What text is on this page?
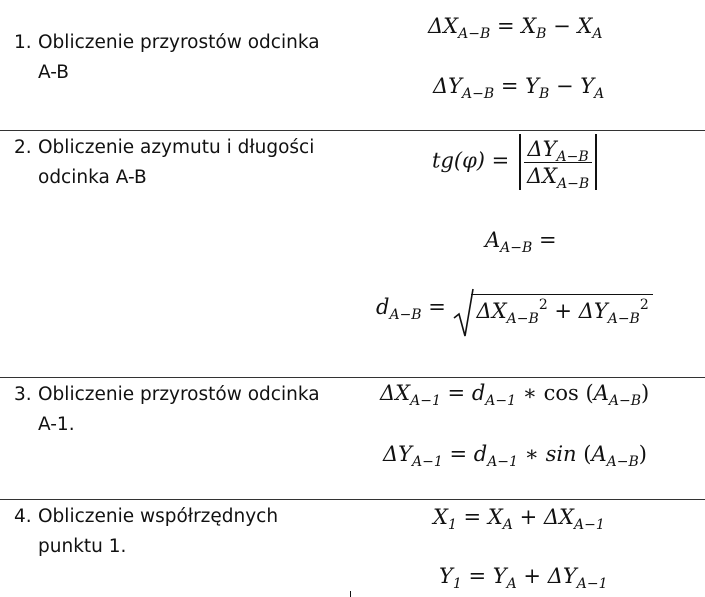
1. Obliczenie przyrostów odcinka
A-B
$\Delta X_{A-B} = X_B - X_A$
$\Delta Y_{A-B} = Y_B - Y_A$
2. Obliczenie azymutu i długości
odcinka A-B
$tg(\varphi) = \frac{\Delta Y_{A-B}}{\Delta X_{A-B}}$
$A_{A-B}$ =
$d_{A-B}$ =
$\Delta X_{A-B}^2 + \Delta Y_{A-B}^2$
3. Obliczenie przyrostów odcinka
A-1.
$\Delta X_{A-1} = d_{A-1}$ ∗ $\cos (A_{A-B})$
$\Delta Y_{A-1} = d_{A-1}$ ∗ $\sin (A_{A-B})$
4. Obliczenie współrzędnych
punktu 1.
$X_1 = X_A + \Delta X_{A-1}$
$Y_1 = Y_A + \Delta Y_{A-1}$
